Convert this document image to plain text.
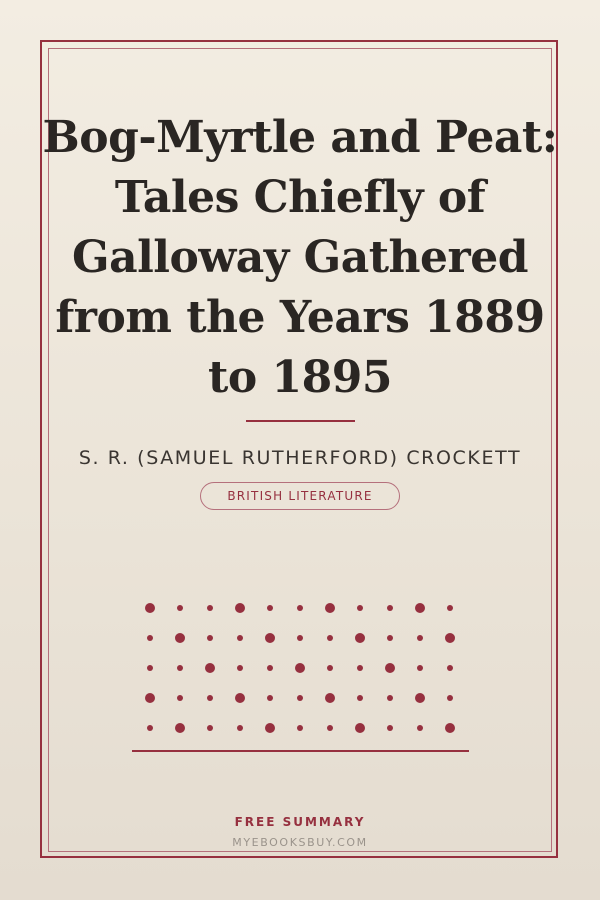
Bog-Myrtle and Peat: Tales Chiefly of Galloway Gathered from the Years 1889 to 1895
S. R. (SAMUEL RUTHERFORD) CROCKETT
BRITISH LITERATURE
FREE SUMMARY
MYEBOOKSBUY.COM
